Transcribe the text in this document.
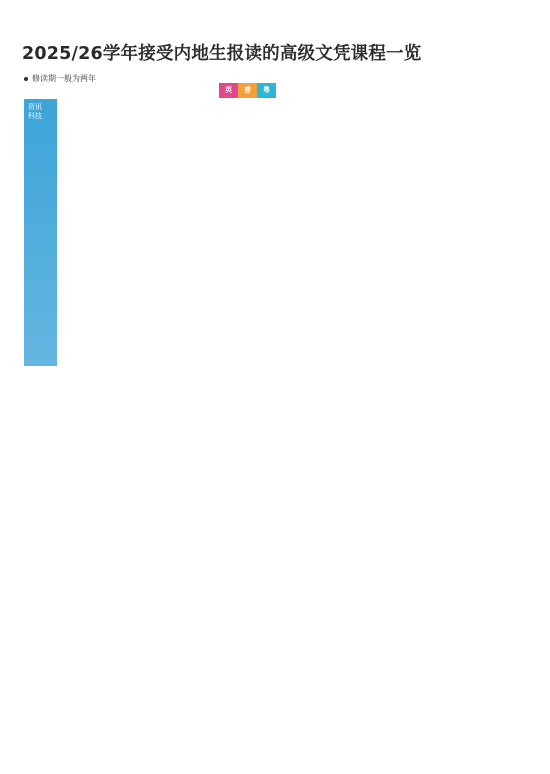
2025/26学年接受内地生报读的高级文凭课程一览
修读期一般为两年
英	普	粤
资讯
科技
